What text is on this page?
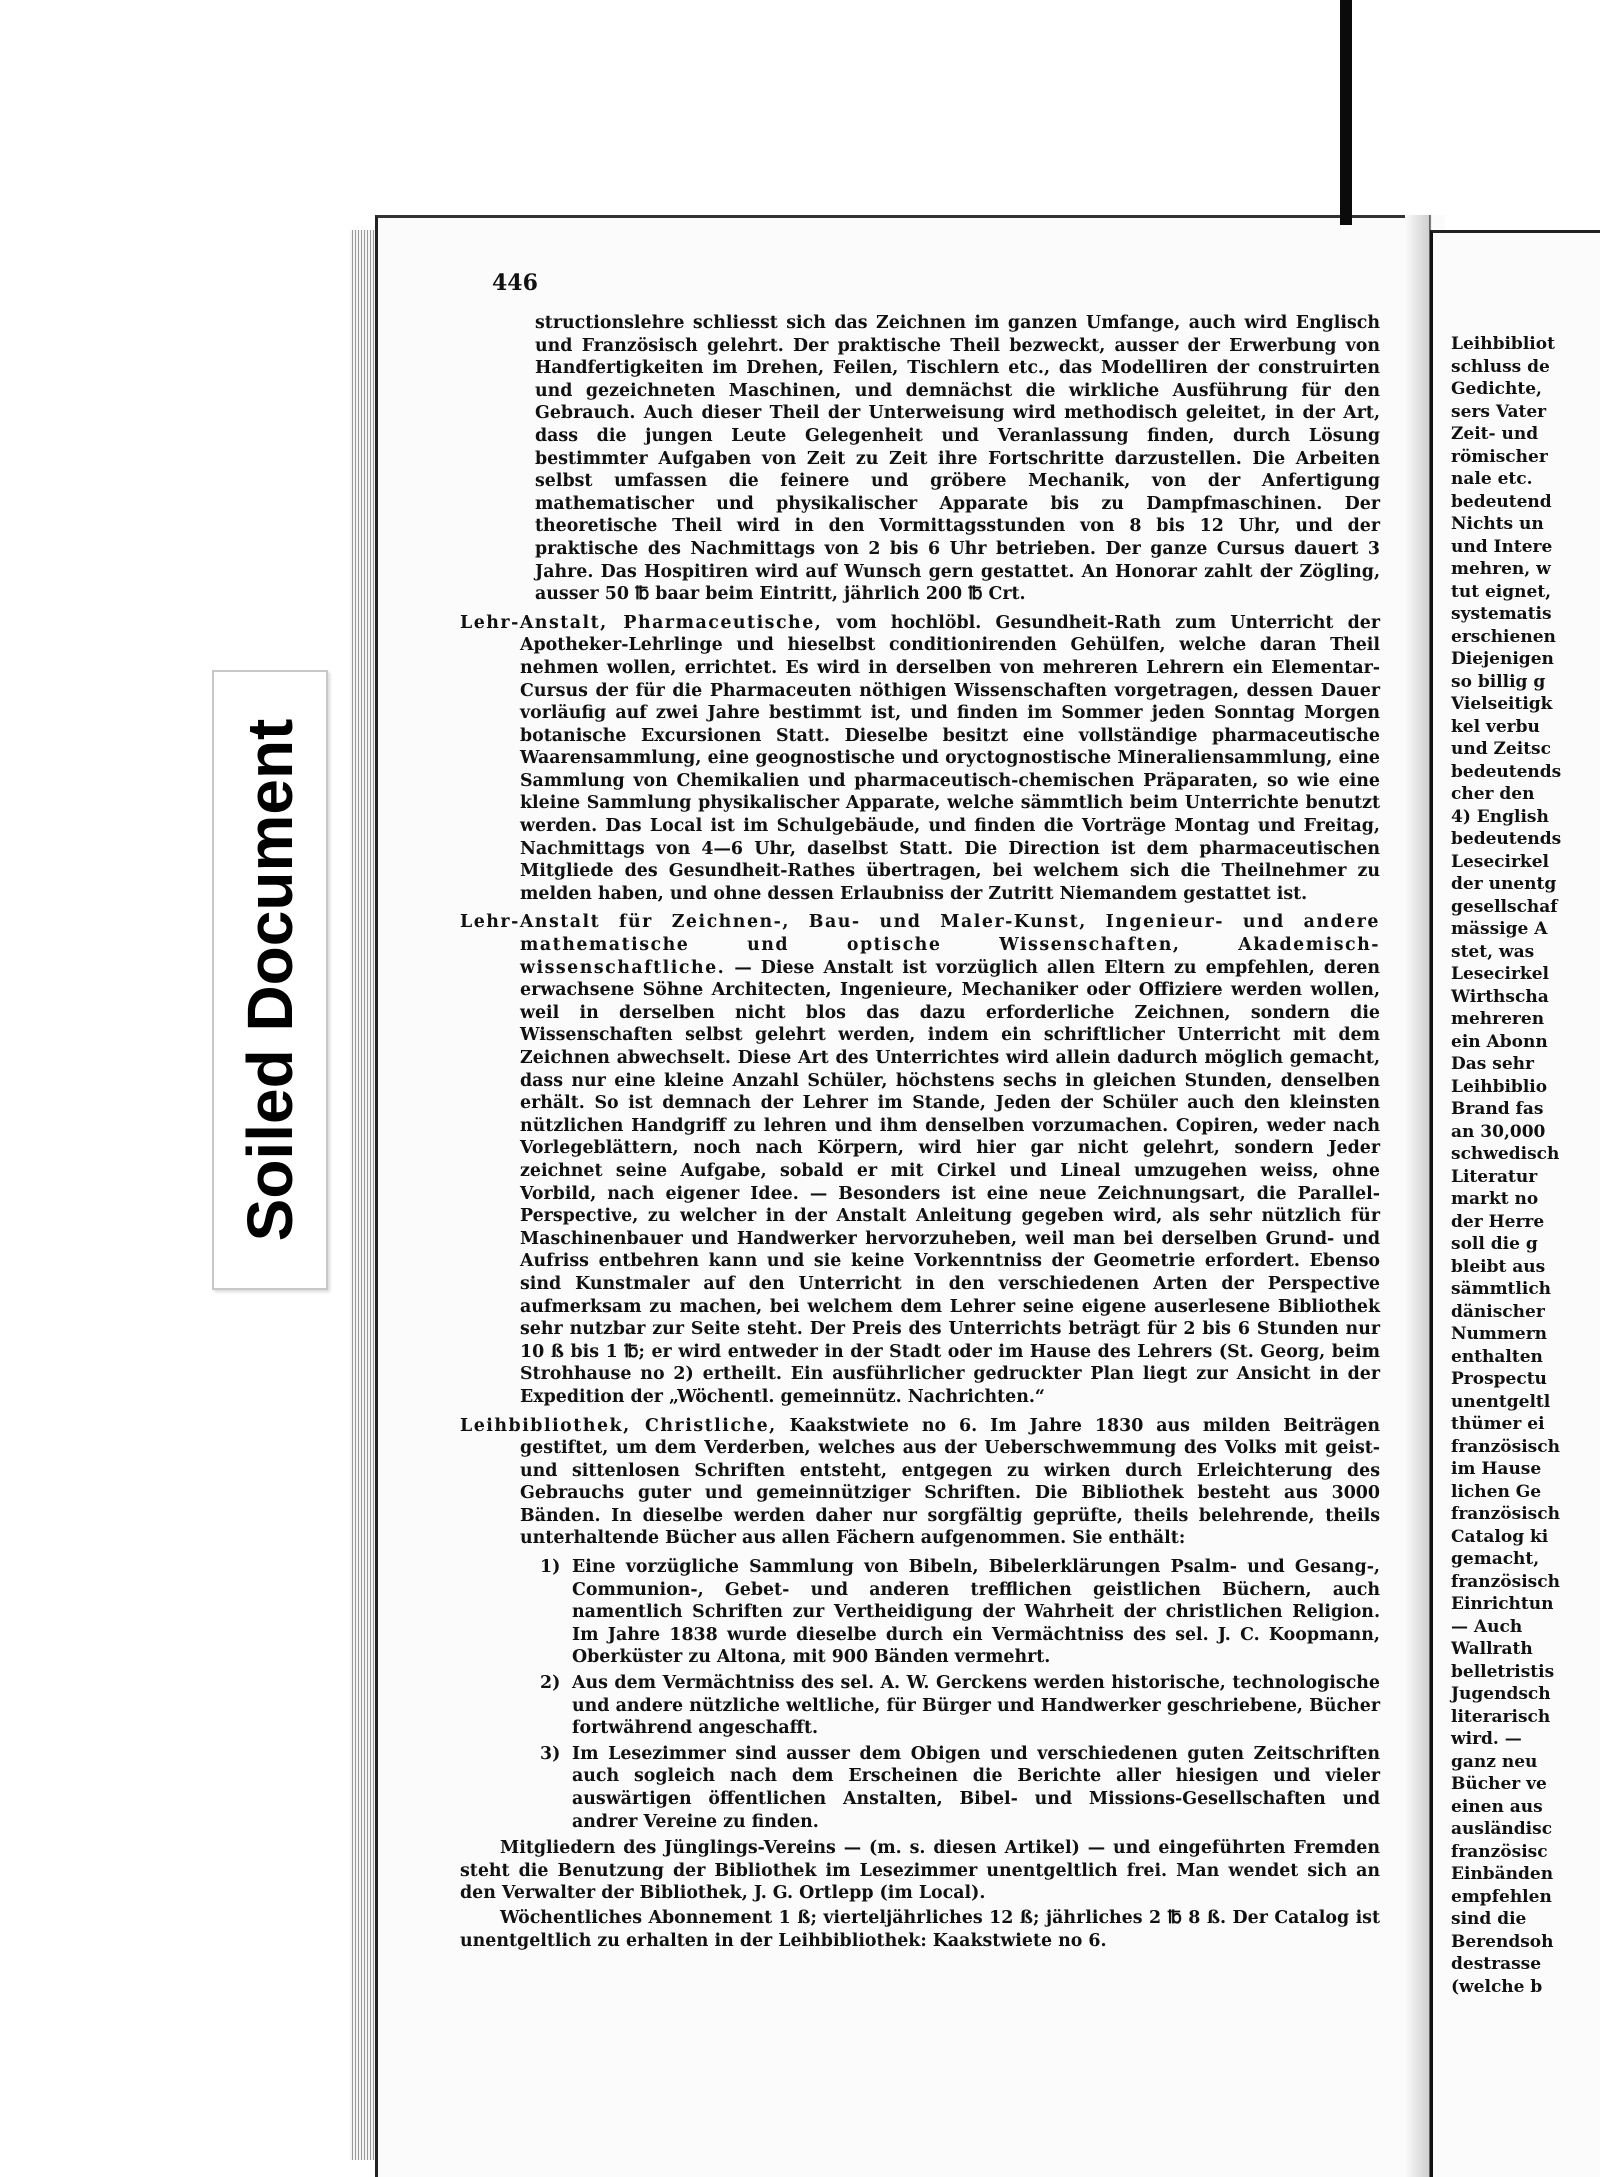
Soiled Document
446
structionslehre schliesst sich das Zeichnen im ganzen Umfange, auch wird Englisch und Französisch gelehrt. Der praktische Theil bezweckt, ausser der Erwerbung von Handfertigkeiten im Drehen, Feilen, Tischlern etc., das Modelliren der construirten und gezeichneten Maschinen, und demnächst die wirkliche Ausführung für den Gebrauch. Auch dieser Theil der Unterweisung wird methodisch geleitet, in der Art, dass die jungen Leute Gelegenheit und Veranlassung finden, durch Lösung bestimmter Aufgaben von Zeit zu Zeit ihre Fortschritte darzustellen. Die Arbeiten selbst umfassen die feinere und gröbere Mechanik, von der Anfertigung mathematischer und physikalischer Apparate bis zu Dampfmaschinen. Der theoretische Theil wird in den Vormittagsstunden von 8 bis 12 Uhr, und der praktische des Nachmittags von 2 bis 6 Uhr betrieben. Der ganze Cursus dauert 3 Jahre. Das Hospitiren wird auf Wunsch gern gestattet. An Honorar zahlt der Zögling, ausser 50 ℔ baar beim Eintritt, jährlich 200 ℔ Crt.
Lehr-Anstalt, Pharmaceutische, vom hochlöbl. Gesundheit-Rath zum Unterricht der Apotheker-Lehrlinge und hieselbst conditionirenden Gehülfen, welche daran Theil nehmen wollen, errichtet. Es wird in derselben von mehreren Lehrern ein Elementar-Cursus der für die Pharmaceuten nöthigen Wissenschaften vorgetragen, dessen Dauer vorläufig auf zwei Jahre bestimmt ist, und finden im Sommer jeden Sonntag Morgen botanische Excursionen Statt. Dieselbe besitzt eine vollständige pharmaceutische Waarensammlung, eine geognostische und oryctognostische Mineraliensammlung, eine Sammlung von Chemikalien und pharmaceutisch-chemischen Präparaten, so wie eine kleine Sammlung physikalischer Apparate, welche sämmtlich beim Unterrichte benutzt werden. Das Local ist im Schulgebäude, und finden die Vorträge Montag und Freitag, Nachmittags von 4—6 Uhr, daselbst Statt. Die Direction ist dem pharmaceutischen Mitgliede des Gesundheit-Rathes übertragen, bei welchem sich die Theilnehmer zu melden haben, und ohne dessen Erlaubniss der Zutritt Niemandem gestattet ist.
Lehr-Anstalt für Zeichnen-, Bau- und Maler-Kunst, Ingenieur- und andere mathematische und optische Wissenschaften, Akademisch-wissenschaftliche. — Diese Anstalt ist vorzüglich allen Eltern zu empfehlen, deren erwachsene Söhne Architecten, Ingenieure, Mechaniker oder Offiziere werden wollen, weil in derselben nicht blos das dazu erforderliche Zeichnen, sondern die Wissenschaften selbst gelehrt werden, indem ein schriftlicher Unterricht mit dem Zeichnen abwechselt. Diese Art des Unterrichtes wird allein dadurch möglich gemacht, dass nur eine kleine Anzahl Schüler, höchstens sechs in gleichen Stunden, denselben erhält. So ist demnach der Lehrer im Stande, Jeden der Schüler auch den kleinsten nützlichen Handgriff zu lehren und ihm denselben vorzumachen. Copiren, weder nach Vorlegeblättern, noch nach Körpern, wird hier gar nicht gelehrt, sondern Jeder zeichnet seine Aufgabe, sobald er mit Cirkel und Lineal umzugehen weiss, ohne Vorbild, nach eigener Idee. — Besonders ist eine neue Zeichnungsart, die Parallel-Perspective, zu welcher in der Anstalt Anleitung gegeben wird, als sehr nützlich für Maschinenbauer und Handwerker hervorzuheben, weil man bei derselben Grund- und Aufriss entbehren kann und sie keine Vorkenntniss der Geometrie erfordert. Ebenso sind Kunstmaler auf den Unterricht in den verschiedenen Arten der Perspective aufmerksam zu machen, bei welchem dem Lehrer seine eigene auserlesene Bibliothek sehr nutzbar zur Seite steht. Der Preis des Unterrichts beträgt für 2 bis 6 Stunden nur 10 ß bis 1 ℔; er wird entweder in der Stadt oder im Hause des Lehrers (St. Georg, beim Strohhause no 2) ertheilt. Ein ausführlicher gedruckter Plan liegt zur Ansicht in der Expedition der „Wöchentl. gemeinnütz. Nachrichten.“
Leihbibliothek, Christliche, Kaakstwiete no 6. Im Jahre 1830 aus milden Beiträgen gestiftet, um dem Verderben, welches aus der Ueberschwemmung des Volks mit geist- und sittenlosen Schriften entsteht, entgegen zu wirken durch Erleichterung des Gebrauchs guter und gemeinnütziger Schriften. Die Bibliothek besteht aus 3000 Bänden. In dieselbe werden daher nur sorgfältig geprüfte, theils belehrende, theils unterhaltende Bücher aus allen Fächern aufgenommen. Sie enthält:
1) Eine vorzügliche Sammlung von Bibeln, Bibelerklärungen Psalm- und Gesang-, Communion-, Gebet- und anderen trefflichen geistlichen Büchern, auch namentlich Schriften zur Vertheidigung der Wahrheit der christlichen Religion. Im Jahre 1838 wurde dieselbe durch ein Vermächtniss des sel. J. C. Koopmann, Oberküster zu Altona, mit 900 Bänden vermehrt.
2) Aus dem Vermächtniss des sel. A. W. Gerckens werden historische, technologische und andere nützliche weltliche, für Bürger und Handwerker geschriebene, Bücher fortwährend angeschafft.
3) Im Lesezimmer sind ausser dem Obigen und verschiedenen guten Zeitschriften auch sogleich nach dem Erscheinen die Berichte aller hiesigen und vieler auswärtigen öffentlichen Anstalten, Bibel- und Missions-Gesellschaften und andrer Vereine zu finden.
Mitgliedern des Jünglings-Vereins — (m. s. diesen Artikel) — und eingeführten Fremden steht die Benutzung der Bibliothek im Lesezimmer unentgeltlich frei. Man wendet sich an den Verwalter der Bibliothek, J. G. Ortlepp (im Local).
Wöchentliches Abonnement 1 ß; vierteljährliches 12 ß; jährliches 2 ℔ 8 ß. Der Catalog ist unentgeltlich zu erhalten in der Leihbibliothek: Kaakstwiete no 6.
Leihbibliot
schluss de
Gedichte,
sers Vater
Zeit- und
römischer
nale etc.
bedeutend
Nichts un
und Intere
mehren, w
tut eignet,
systematis
erschienen
Diejenigen
so billig g
Vielseitigk
kel verbu
und Zeitsc
bedeutends
cher den
4) English
bedeutends
Lesecirkel
der unentg
gesellschaf
mässige A
stet, was
Lesecirkel
Wirthscha
mehreren
ein Abonn
Das sehr
Leihbiblio
Brand fas
an 30,000
schwedisch
Literatur
markt no
der Herre
soll die g
bleibt aus
sämmtlich
dänischer
Nummern
enthalten
Prospectu
unentgeltl
thümer ei
französisch
im Hause
lichen Ge
französisch
Catalog ki
gemacht,
französisch
Einrichtun
— Auch
Wallrath
belletristis
Jugendsch
literarisch
wird. —
ganz neu
Bücher ve
einen aus
ausländisc
französisc
Einbänden
empfehlen
sind die
Berendsoh
destrasse
(welche b
